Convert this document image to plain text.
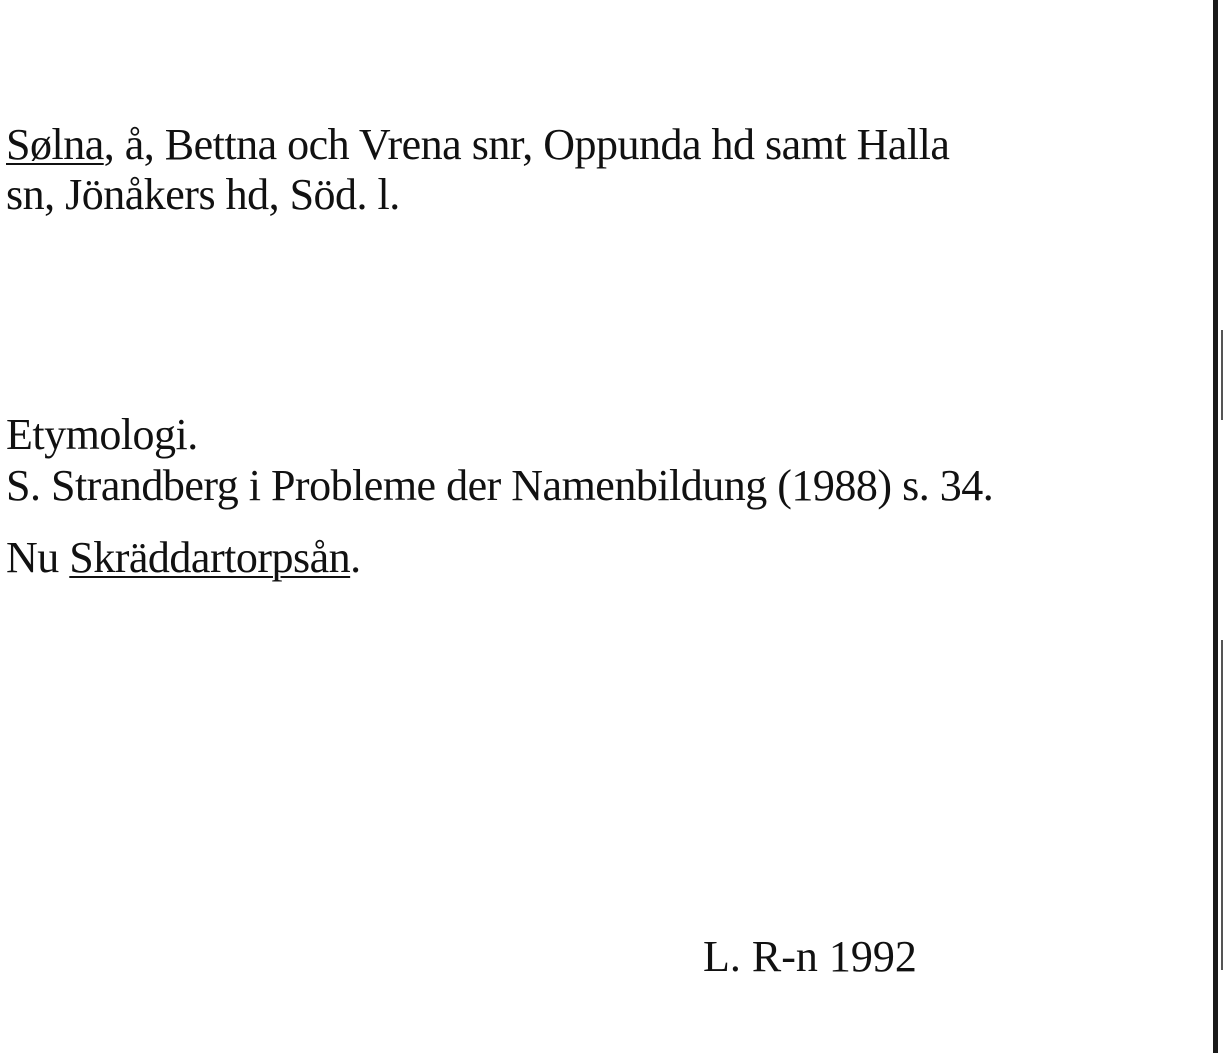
Sølna, å, Bettna och Vrena snr, Oppunda hd samt Halla
sn, Jönåkers hd, Söd. l.
Etymologi.
S. Strandberg i Probleme der Namenbildung (1988) s. 34.
Nu Skräddartorpsån.
L. R-n 1992
